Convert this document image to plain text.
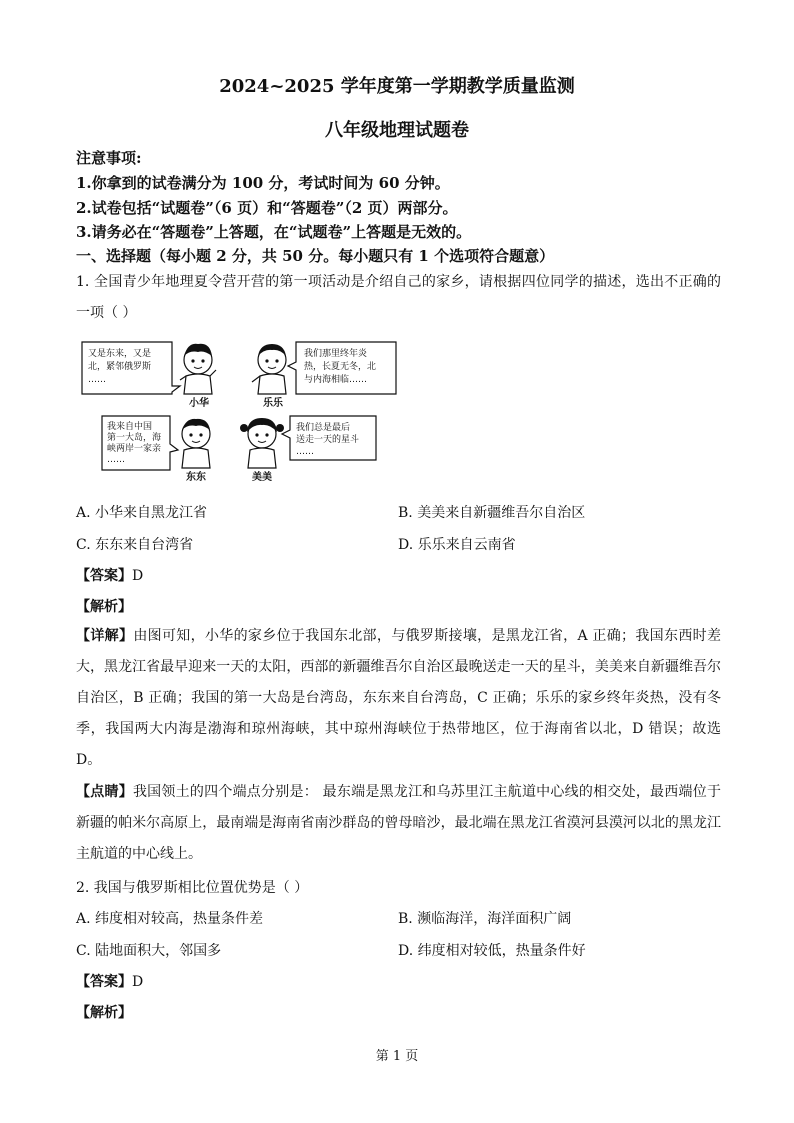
2024~2025 学年度第一学期教学质量监测
八年级地理试题卷
注意事项:
1.你拿到的试卷满分为 100 分，考试时间为 60 分钟。
2.试卷包括“试题卷”（6 页）和“答题卷”（2 页）两部分。
3.请务必在“答题卷”上答题，在“试题卷”上答题是无效的。
一、选择题（每小题 2 分，共 50 分。每小题只有 1 个选项符合题意）
1. 全国青少年地理夏令营开营的第一项活动是介绍自己的家乡，请根据四位同学的描述，选出不正确的一项（ ）
又是东来，又是
北，紧邻俄罗斯
……
小华	乐乐
我们那里终年炎
热，长夏无冬，北
与内海相临……
我来自中国
第一大岛，海
峡两岸一家亲
……
东东	美美
我们总是最后
送走一天的星斗
……
A. 小华来自黑龙江省	B. 美美来自新疆维吾尔自治区
C. 东东来自台湾省	D. 乐乐来自云南省
【答案】D
【解析】
【详解】由图可知，小华的家乡位于我国东北部，与俄罗斯接壤，是黑龙江省，A 正确；我国东西时差大，黑龙江省最早迎来一天的太阳，西部的新疆维吾尔自治区最晚送走一天的星斗，美美来自新疆维吾尔自治区，B 正确；我国的第一大岛是台湾岛，东东来自台湾岛，C 正确；乐乐的家乡终年炎热，没有冬季，我国两大内海是渤海和琼州海峡，其中琼州海峡位于热带地区，位于海南省以北，D 错误；故选 D。
【点睛】我国领土的四个端点分别是： 最东端是黑龙江和乌苏里江主航道中心线的相交处，最西端位于新疆的帕米尔高原上，最南端是海南省南沙群岛的曾母暗沙，最北端在黑龙江省漠河县漠河以北的黑龙江主航道的中心线上。
2. 我国与俄罗斯相比位置优势是（ ）
A. 纬度相对较高，热量条件差	B. 濒临海洋，海洋面积广阔
C. 陆地面积大，邻国多	D. 纬度相对较低，热量条件好
【答案】D
【解析】
第 1 页
